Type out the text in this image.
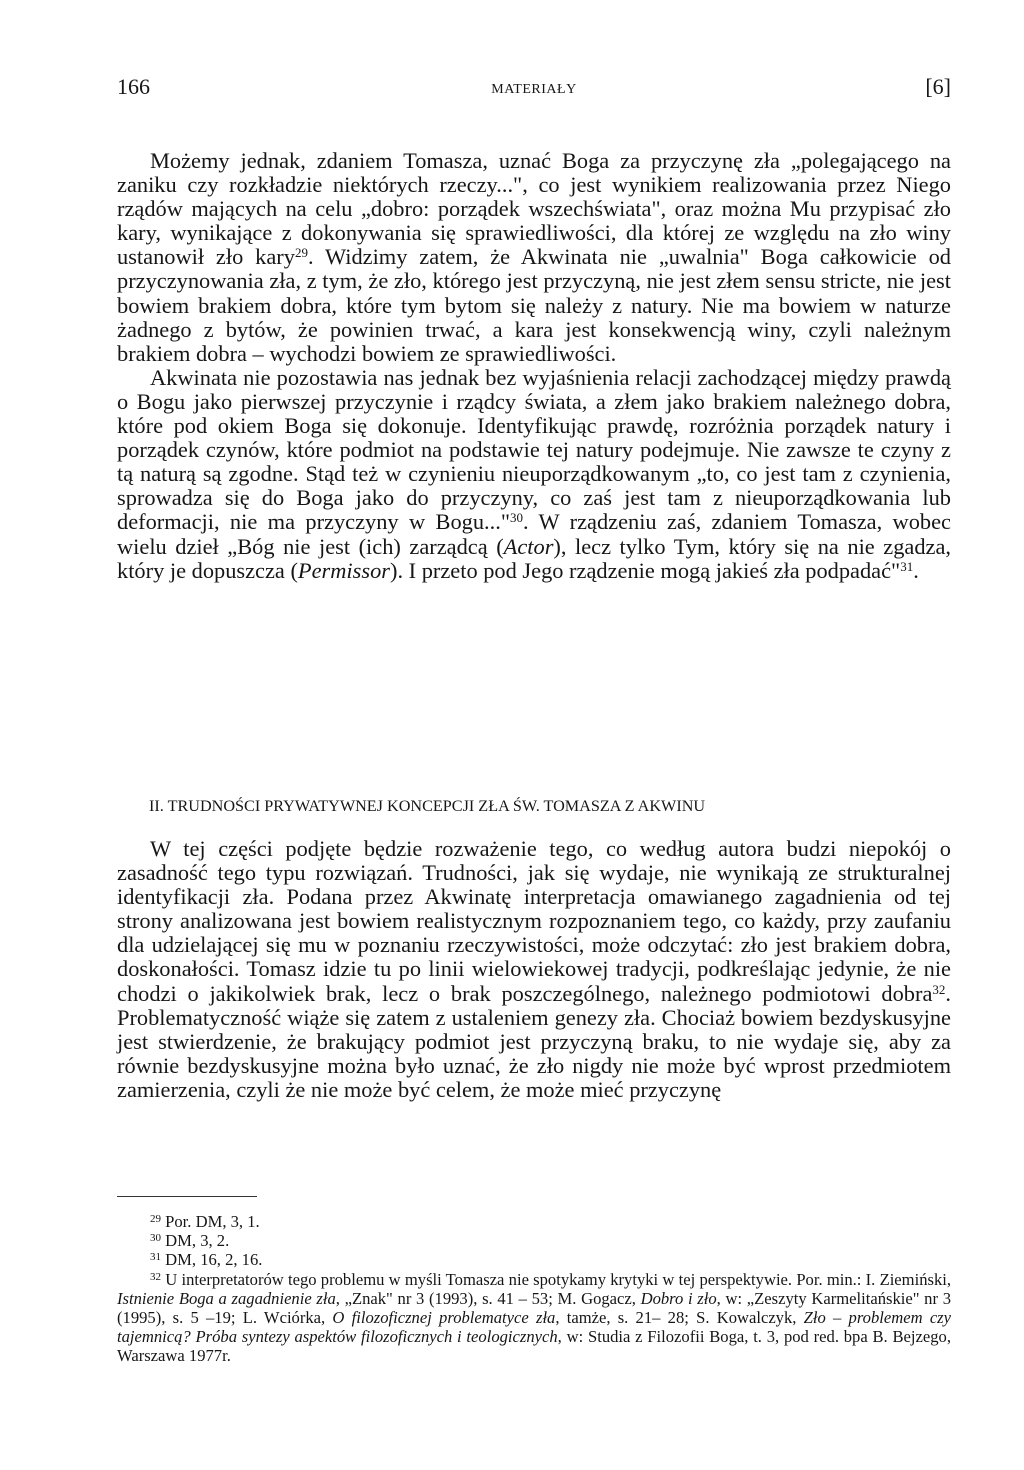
166	MATERIAŁY	[6]

Możemy jednak, zdaniem Tomasza, uznać Boga za przyczynę zła „polegającego na zaniku czy rozkładzie niektórych rzeczy...", co jest wynikiem realizowania przez Niego rządów mających na celu „dobro: porządek wszechświata", oraz można Mu przypisać zło kary, wynikające z dokonywania się sprawiedliwości, dla której ze względu na zło winy ustanowił zło kary$^{29}$. Widzimy zatem, że Akwinata nie „uwalnia" Boga całkowicie od przyczynowania zła, z tym, że zło, którego jest przyczyną, nie jest złem sensu stricte, nie jest bowiem brakiem dobra, które tym bytom się należy z natury. Nie ma bowiem w naturze żadnego z bytów, że powinien trwać, a kara jest konsekwencją winy, czyli należnym brakiem dobra – wychodzi bowiem ze sprawiedliwości.

Akwinata nie pozostawia nas jednak bez wyjaśnienia relacji zachodzącej między prawdą o Bogu jako pierwszej przyczynie i rządcy świata, a złem jako brakiem należnego dobra, które pod okiem Boga się dokonuje. Identyfikując prawdę, rozróżnia porządek natury i porządek czynów, które podmiot na podstawie tej natury podejmuje. Nie zawsze te czyny z tą naturą są zgodne. Stąd też w czynieniu nieuporządkowanym „to, co jest tam z czynienia, sprowadza się do Boga jako do przyczyny, co zaś jest tam z nieuporządkowania lub deformacji, nie ma przyczyny w Bogu..."$^{30}$. W rządzeniu zaś, zdaniem Tomasza, wobec wielu dzieł „Bóg nie jest (ich) zarządcą (Actor), lecz tylko Tym, który się na nie zgadza, który je dopuszcza (Permissor). I przeto pod Jego rządzenie mogą jakieś zła podpadać"$^{31}$.

II. TRUDNOŚCI PRYWATYWNEJ KONCEPCJI ZŁA ŚW. TOMASZA Z AKWINU

W tej części podjęte będzie rozważenie tego, co według autora budzi niepokój o zasadność tego typu rozwiązań. Trudności, jak się wydaje, nie wynikają ze strukturalnej identyfikacji zła. Podana przez Akwinatę interpretacja omawianego zagadnienia od tej strony analizowana jest bowiem realistycznym rozpoznaniem tego, co każdy, przy zaufaniu dla udzielającej się mu w poznaniu rzeczywistości, może odczytać: zło jest brakiem dobra, doskonałości. Tomasz idzie tu po linii wielowiekowej tradycji, podkreślając jedynie, że nie chodzi o jakikolwiek brak, lecz o brak poszczególnego, należnego podmiotowi dobra$^{32}$. Problematyczność wiąże się zatem z ustaleniem genezy zła. Chociaż bowiem bezdyskusyjne jest stwierdzenie, że brakujący podmiot jest przyczyną braku, to nie wydaje się, aby za równie bezdyskusyjne można było uznać, że zło nigdy nie może być wprost przedmiotem zamierzenia, czyli że nie może być celem, że może mieć przyczynę

$^{29}$ Por. DM, 3, 1.

$^{30}$ DM, 3, 2.

$^{31}$ DM, 16, 2, 16.

$^{32}$ U interpretatorów tego problemu w myśli Tomasza nie spotykamy krytyki w tej perspektywie. Por. min.: I. Ziemiński, Istnienie Boga a zagadnienie zła, „Znak" nr 3 (1993), s. 41 – 53; M. Gogacz, Dobro i zło, w: „Zeszyty Karmelitańskie" nr 3 (1995), s. 5 –19; L. Wciórka, O filozoficznej problematyce zła, tamże, s. 21– 28; S. Kowalczyk, Zło – problemem czy tajemnicą? Próba syntezy aspektów filozoficznych i teologicznych, w: Studia z Filozofii Boga, t. 3, pod red. bpa B. Bejzego, Warszawa 1977r.
